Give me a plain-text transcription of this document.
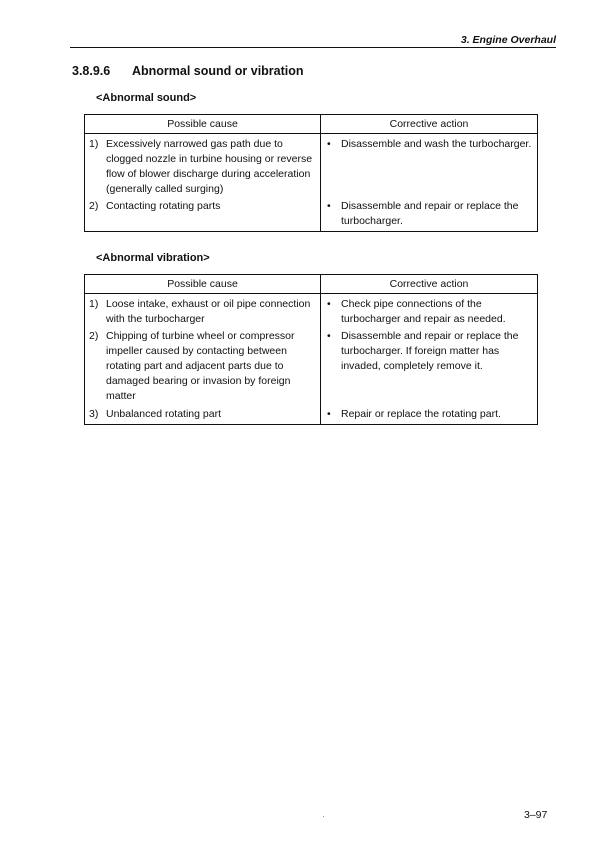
3. Engine Overhaul
3.8.9.6 Abnormal sound or vibration
<Abnormal sound>
Possible cause	Corrective action

1) Excessively narrowed gas path due to clogged nozzle in turbine housing or reverse flow of blower discharge during acceleration (generally called surging)	• Disassemble and wash the turbocharger.

2) Contacting rotating parts	• Disassemble and repair or replace the turbocharger.
<Abnormal vibration>
Possible cause	Corrective action

1) Loose intake, exhaust or oil pipe connection with the turbocharger	• Check pipe connections of the turbocharger and repair as needed.

2) Chipping of turbine wheel or compressor impeller caused by contacting between rotating part and adjacent parts due to damaged bearing or invasion by foreign matter	• Disassemble and repair or replace the turbocharger. If foreign matter has invaded, completely remove it.

3) Unbalanced rotating part	• Repair or replace the rotating part.
3–97
